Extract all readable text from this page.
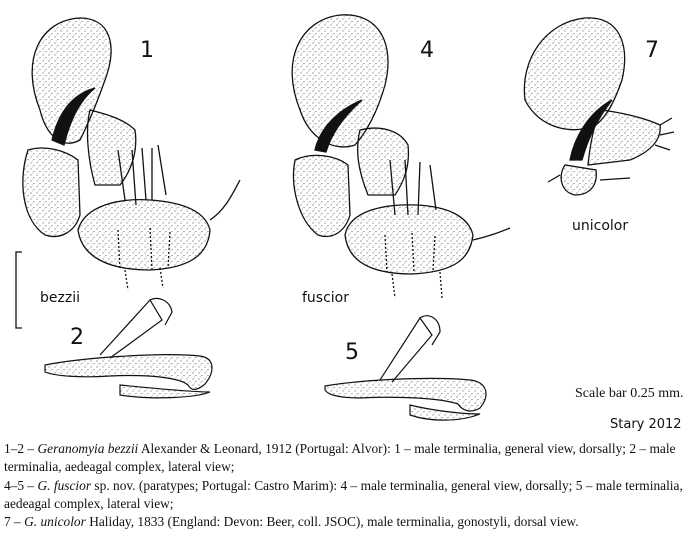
1
bezzii
2
4
fuscior
5
7
unicolor
Scale bar 0.25 mm.
Stary 2012

1–2 – Geranomyia bezzii Alexander & Leonard, 1912 (Portugal: Alvor): 1 – male terminalia, general view, dorsally; 2 – male terminalia, aedeagal complex, lateral view;

4–5 – G. fuscior sp. nov. (paratypes; Portugal: Castro Marim): 4 – male terminalia, general view, dorsally; 5 – male terminalia, aedeagal complex, lateral view;

7 – G. unicolor Haliday, 1833 (England: Devon: Beer, coll. JSOC), male terminalia, gonostyli, dorsal view.
